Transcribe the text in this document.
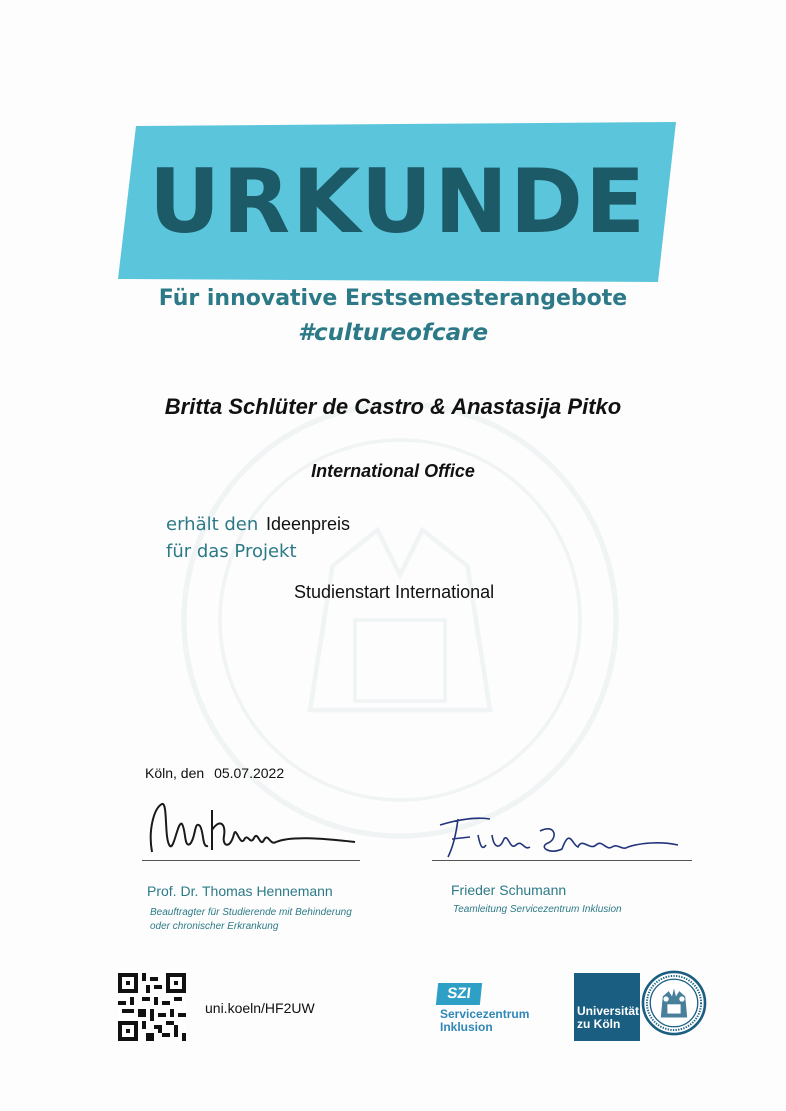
URKUNDE
Für innovative Erstsemesterangebote
#cultureofcare
Britta Schlüter de Castro & Anastasija Pitko
International Office
erhält den Ideenpreis
für das Projekt
Studienstart International
Köln, den 05.07.2022
Prof. Dr. Thomas Hennemann
Beauftragter für Studierende mit Behinderung
oder chronischer Erkrankung
Frieder Schumann
Teamleitung Servicezentrum Inklusion
uni.koeln/HF2UW
SZI
Servicezentrum
Inklusion
Universität
zu Köln
